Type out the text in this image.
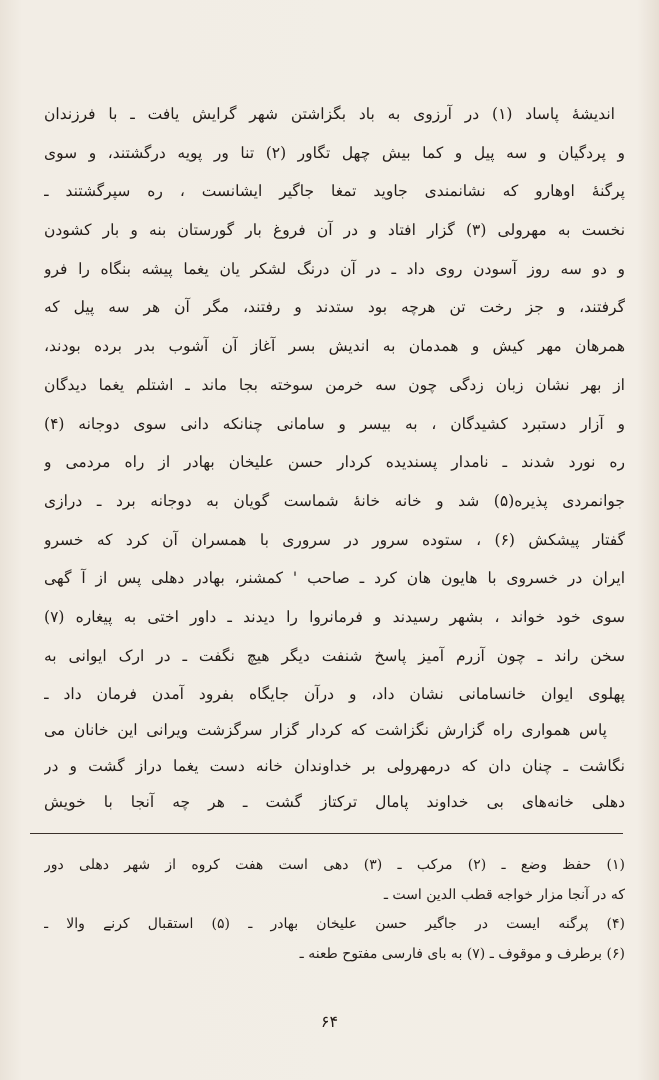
اندیشهٔ پاساد (۱) در آرزوی به باد بگزاشتن شهر گرایش یافت ـ با فرزندان
و پردگیان و سه پیل و کما بیش چهل تگاور (۲) تنا ور پویه درگشتند، و سوی
پرگنهٔ اوهارو که نشانمندی جاوید تمغا جاگیر ایشانست ، ره سپرگشتند ـ
نخست به مهرولی (۳) گزار افتاد و در آن فروغ بار گورستان بنه و بار کشودن
و دو سه روز آسودن روی داد ـ در آن درنگ لشکر یان یغما پیشه بنگاه را فرو
گرفتند، و جز رخت تن هرچه بود ستدند و رفتند، مگر آن هر سه پیل که
همرهان مهر کیش و همدمان به اندیش بسر آغاز آن آشوب بدر برده بودند،
از بهر نشان زبان زدگی چون سه خرمن سوخته بجا ماند ـ اشتلم یغما دیدگان
و آزار دستبرد کشیدگان ، به بیسر و سامانی چنانکه دانی سوی دوجانه (۴)
ره نورد شدند ـ نامدار پسندیده کردار حسن علیخان بهادر از راه مردمی و
جوانمردی پذیره(۵) شد و خانه خانهٔ شماست گویان به دوجانه برد ـ درازی
گفتار پیشکش (۶) ، ستوده سرور در سروری با همسران آن کرد که خسرو
ایران در خسروی با هایون هان کرد ـ صاحب ' کمشنر، بهادر دهلی پس از آ گهی
سوی خود خواند ، بشهر رسیدند و فرمانروا را دیدند ـ داور اختی به پیغاره (۷)
سخن راند ـ چون آزرم آمیز پاسخ شنفت دیگر هیچ نگفت ـ در ارک ایوانی به
پهلوی ایوان خانسامانی نشان داد، و درآن جایگاه بفرود آمدن فرمان داد ـ
پاس همواری راه گزارش نگزاشت که کردار گزار سرگزشت ویرانی این خانان می
نگاشت ـ چنان دان که درمهرولی بر خداوندان خانه دست یغما دراز گشت و در
دهلی خانه‌های بی خداوند پامال ترکتاز گشت ـ هر چه آنجا با خویش
(۱) حفظ وضع ـ (۲) مرکب ـ (۳) دهی است هفت کروه از شهر دهلی دور
که در آنجا مزار خواجه قطب الدین است ـ
(۴) پرگنه ایست در جاگیر حسن علیخان بهادر ـ (۵) استقبال کرنے والا ـ
(۶) برطرف و موقوف ـ (۷) به بای فارسی مفتوح طعنه ـ
۶۴
